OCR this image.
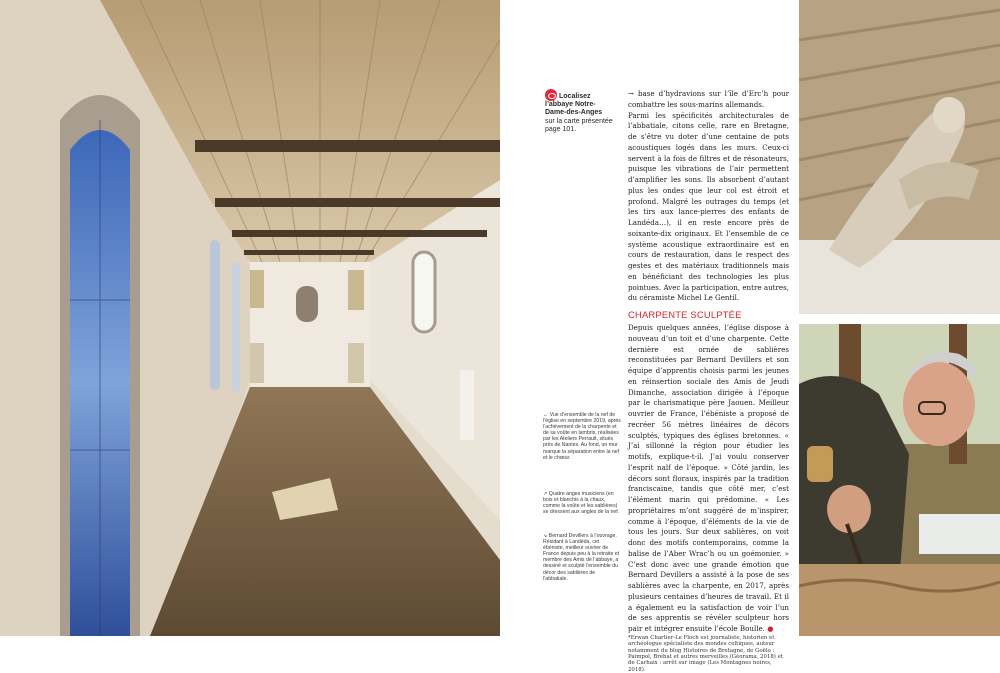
Localisez l’abbaye Notre-Dame-des-Anges sur la carte présentée page 101.
← Vue d’ensemble de la nef de l’église en septembre 2019, après l’achèvement de la charpente et de sa voûte en lambris, réalisées par les Ateliers Perrault, situés près de Nantes. Au fond, un mur marque la séparation entre la nef et le chœur.
↗ Quatre anges musiciens (en bois et blanchis à la chaux, comme la voûte et les sablières) se dressent aux angles de la nef.
↘ Bernard Devillers à l’ouvrage. Résidant à Landéda, cet ébéniste, meilleur ouvrier de France depuis peu à la retraite et membre des Amis de l’abbaye, a dessiné et sculpté l’ensemble du décor des sablières de l’abbatiale.

→ base d’hydravions sur l’île d’Erc’h pour combattre les sous-marins allemands.

Parmi les spécificités architecturales de l’abbatiale, citons celle, rare en Bretagne, de s’être vu doter d’une centaine de pots acoustiques logés dans les murs. Ceux-ci servent à la fois de filtres et de résonateurs, puisque les vibrations de l’air permettent d’amplifier les sons. Ils absorbent d’autant plus les ondes que leur col est étroit et profond. Malgré les outrages du temps (et les tirs aux lance-pierres des enfants de Landéda…), il en reste encore près de soixante-dix originaux. Et l’ensemble de ce système acoustique extraordinaire est en cours de restauration, dans le respect des gestes et des matériaux traditionnels mais en bénéficiant des technologies les plus pointues. Avec la participation, entre autres, du céramiste Michel Le Gentil.

CHARPENTE SCULPTÉE

Depuis quelques années, l’église dispose à nouveau d’un toit et d’une charpente. Cette dernière est ornée de sablières reconstituées par Bernard Devillers et son équipe d’apprentis choisis parmi les jeunes en réinsertion sociale des Amis de Jeudi Dimanche, association dirigée à l’époque par le charismatique père Jaouen. Meilleur ouvrier de France, l’ébéniste a proposé de recréer 56 mètres linéaires de décors sculptés, typiques des églises bretonnes. « J’ai sillonné la région pour étudier les motifs, explique-t-il. J’ai voulu conserver l’esprit naïf de l’époque. » Côté jardin, les décors sont floraux, inspirés par la tradition franciscaine, tandis que côté mer, c’est l’élément marin qui prédomine. « Les propriétaires m’ont suggéré de m’inspirer, comme à l’époque, d’éléments de la vie de tous les jours. Sur deux sablières, on voit donc des motifs contemporains, comme la balise de l’Aber Wrac’h ou un goémonier. » C’est donc avec une grande émotion que Bernard Devillers a assisté à la pose de ses sablières avec la charpente, en 2017, après plusieurs centaines d’heures de travail. Et il a également eu la satisfaction de voir l’un de ses apprentis se révéler sculpteur hors pair et intégrer ensuite l’école Boulle. ●

*Erwan Chartier-Le Floch est journaliste, historien et archéologue spécialiste des mondes celtiques, auteur notamment du blog Histoires de Bretagne, de Goëlo : Paimpol, Bréhat et autres merveilles (Géorama, 2018) et de Carhaix : arrêt sur image (Les Montagnes noires, 2018).
